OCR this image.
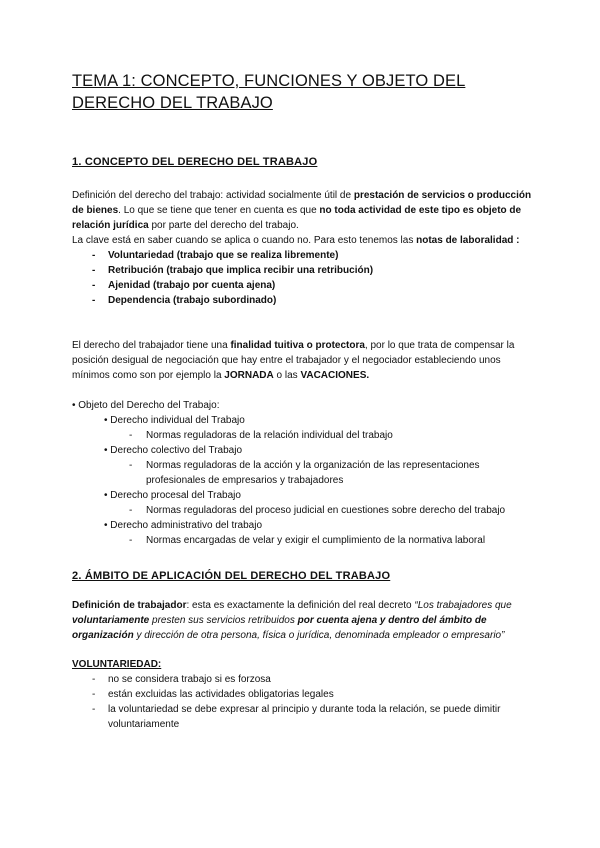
TEMA 1: CONCEPTO, FUNCIONES Y OBJETO DEL
DERECHO DEL TRABAJO
1. CONCEPTO DEL DERECHO DEL TRABAJO

Definición del derecho del trabajo: actividad socialmente útil de prestación de servicios o producción de bienes. Lo que se tiene que tener en cuenta es que no toda actividad de este tipo es objeto de relación jurídica por parte del derecho del trabajo.

La clave está en saber cuando se aplica o cuando no. Para esto tenemos las notas de laboralidad :

- Voluntariedad (trabajo que se realiza libremente)
- Retribución (trabajo que implica recibir una retribución)
- Ajenidad (trabajo por cuenta ajena)
- Dependencia (trabajo subordinado)

El derecho del trabajador tiene una finalidad tuitiva o protectora, por lo que trata de compensar la posición desigual de negociación que hay entre el trabajador y el negociador estableciendo unos mínimos como son por ejemplo la JORNADA o las VACACIONES.

• Objeto del Derecho del Trabajo:

• Derecho individual del Trabajo
- Normas reguladoras de la relación individual del trabajo
• Derecho colectivo del Trabajo
- Normas reguladoras de la acción y la organización de las representaciones profesionales de empresarios y trabajadores
• Derecho procesal del Trabajo
- Normas reguladoras del proceso judicial en cuestiones sobre derecho del trabajo
• Derecho administrativo del trabajo
- Normas encargadas de velar y exigir el cumplimiento de la normativa laboral
2. ÁMBITO DE APLICACIÓN DEL DERECHO DEL TRABAJO

Definición de trabajador: esta es exactamente la definición del real decreto “Los trabajadores que voluntariamente presten sus servicios retribuidos por cuenta ajena y dentro del ámbito de organización y dirección de otra persona, física o jurídica, denominada empleador o empresario”

VOLUNTARIEDAD:

- no se considera trabajo si es forzosa
- están excluidas las actividades obligatorias legales
- la voluntariedad se debe expresar al principio y durante toda la relación, se puede dimitir voluntariamente
